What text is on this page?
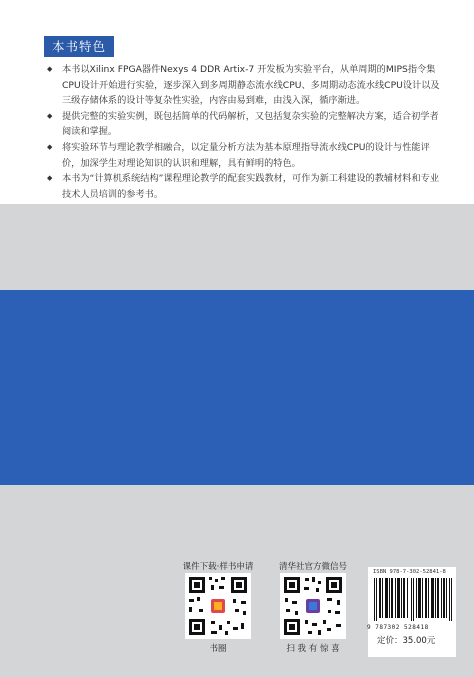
本书特色
◆ 本书以Xilinx FPGA器件Nexys 4 DDR Artix-7 开发板为实验平台，从单周期的MIPS指令集CPU设计开始进行实验，逐步深入到多周期静态流水线CPU、多周期动态流水线CPU设计以及三级存储体系的设计等复杂性实验，内容由易到难，由浅入深，循序渐进。
◆ 提供完整的实验实例，既包括简单的代码解析，又包括复杂实验的完整解决方案，适合初学者阅读和掌握。
◆ 将实验环节与理论教学相融合，以定量分析方法为基本原理指导流水线CPU的设计与性能评价，加深学生对理论知识的认识和理解，具有鲜明的特色。
◆ 本书为“计算机系统结构”课程理论教学的配套实践教材，可作为新工科建设的教辅材料和专业技术人员培训的参考书。
课件下载·样书申请
书圈
清华社官方微信号
扫 我 有 惊 喜
ISBN 978-7-302-52841-8
9 787302 528418
定价：35.00元
